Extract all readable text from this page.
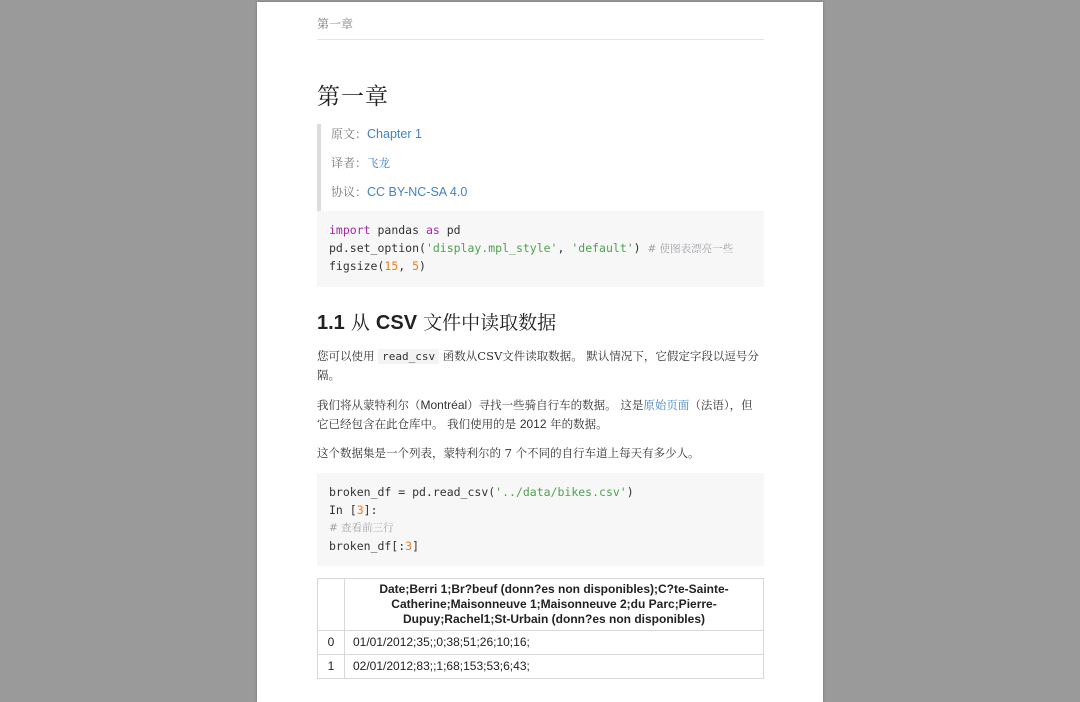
第一章
第一章
原文：Chapter 1
译者：飞龙
协议：CC BY-NC-SA 4.0
import pandas as pd
pd.set_option('display.mpl_style', 'default') # 使图表漂亮一些
figsize(15, 5)
1.1 从 CSV 文件中读取数据
您可以使用 read_csv 函数从CSV文件读取数据。 默认情况下，它假定字段以逗号分隔。
我们将从蒙特利尔（Montréal）寻找一些骑自行车的数据。 这是原始页面（法语），但它已经包含在此仓库中。 我们使用的是 2012 年的数据。
这个数据集是一个列表，蒙特利尔的 7 个不同的自行车道上每天有多少人。
broken_df = pd.read_csv('../data/bikes.csv')
In [3]:
# 查看前三行
broken_df[:3]
	Date;Berri 1;Br?beuf (donn?es non disponibles);C?te-Sainte-Catherine;Maisonneuve 1;Maisonneuve 2;du Parc;Pierre-Dupuy;Rachel1;St-Urbain (donn?es non disponibles)
0	01/01/2012;35;;0;38;51;26;10;16;
1	02/01/2012;83;;1;68;153;53;6;43;
